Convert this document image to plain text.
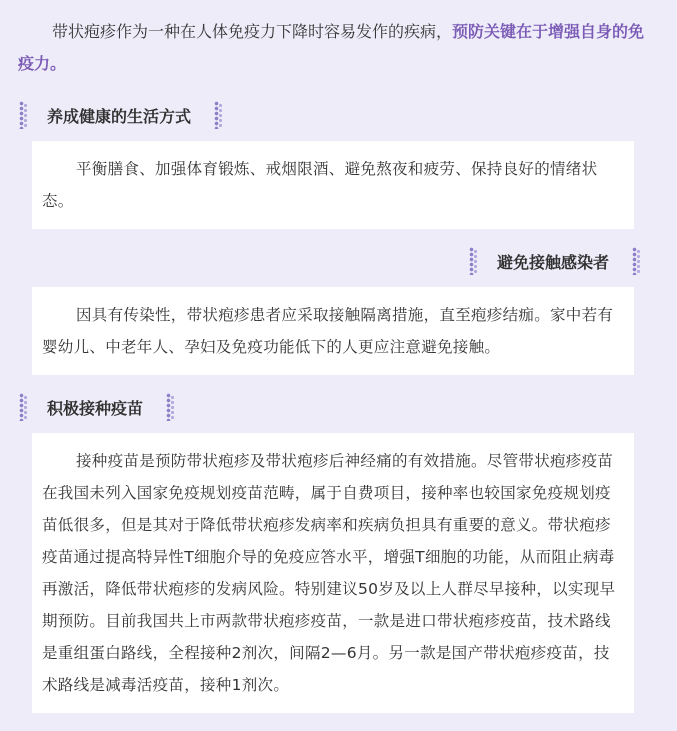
带状疱疹作为一种在人体免疫力下降时容易发作的疾病，预防关键在于增强自身的免疫力。

养成健康的生活方式

平衡膳食、加强体育锻炼、戒烟限酒、避免熬夜和疲劳、保持良好的情绪状态。

避免接触感染者

因具有传染性，带状疱疹患者应采取接触隔离措施，直至疱疹结痂。家中若有婴幼儿、中老年人、孕妇及免疫功能低下的人更应注意避免接触。

积极接种疫苗

接种疫苗是预防带状疱疹及带状疱疹后神经痛的有效措施。尽管带状疱疹疫苗在我国未列入国家免疫规划疫苗范畴，属于自费项目，接种率也较国家免疫规划疫苗低很多，但是其对于降低带状疱疹发病率和疾病负担具有重要的意义。带状疱疹疫苗通过提高特异性T细胞介导的免疫应答水平，增强T细胞的功能，从而阻止病毒再激活，降低带状疱疹的发病风险。特别建议50岁及以上人群尽早接种，以实现早期预防。目前我国共上市两款带状疱疹疫苗，一款是进口带状疱疹疫苗，技术路线是重组蛋白路线，全程接种2剂次，间隔2—6月。另一款是国产带状疱疹疫苗，技术路线是减毒活疫苗，接种1剂次。
